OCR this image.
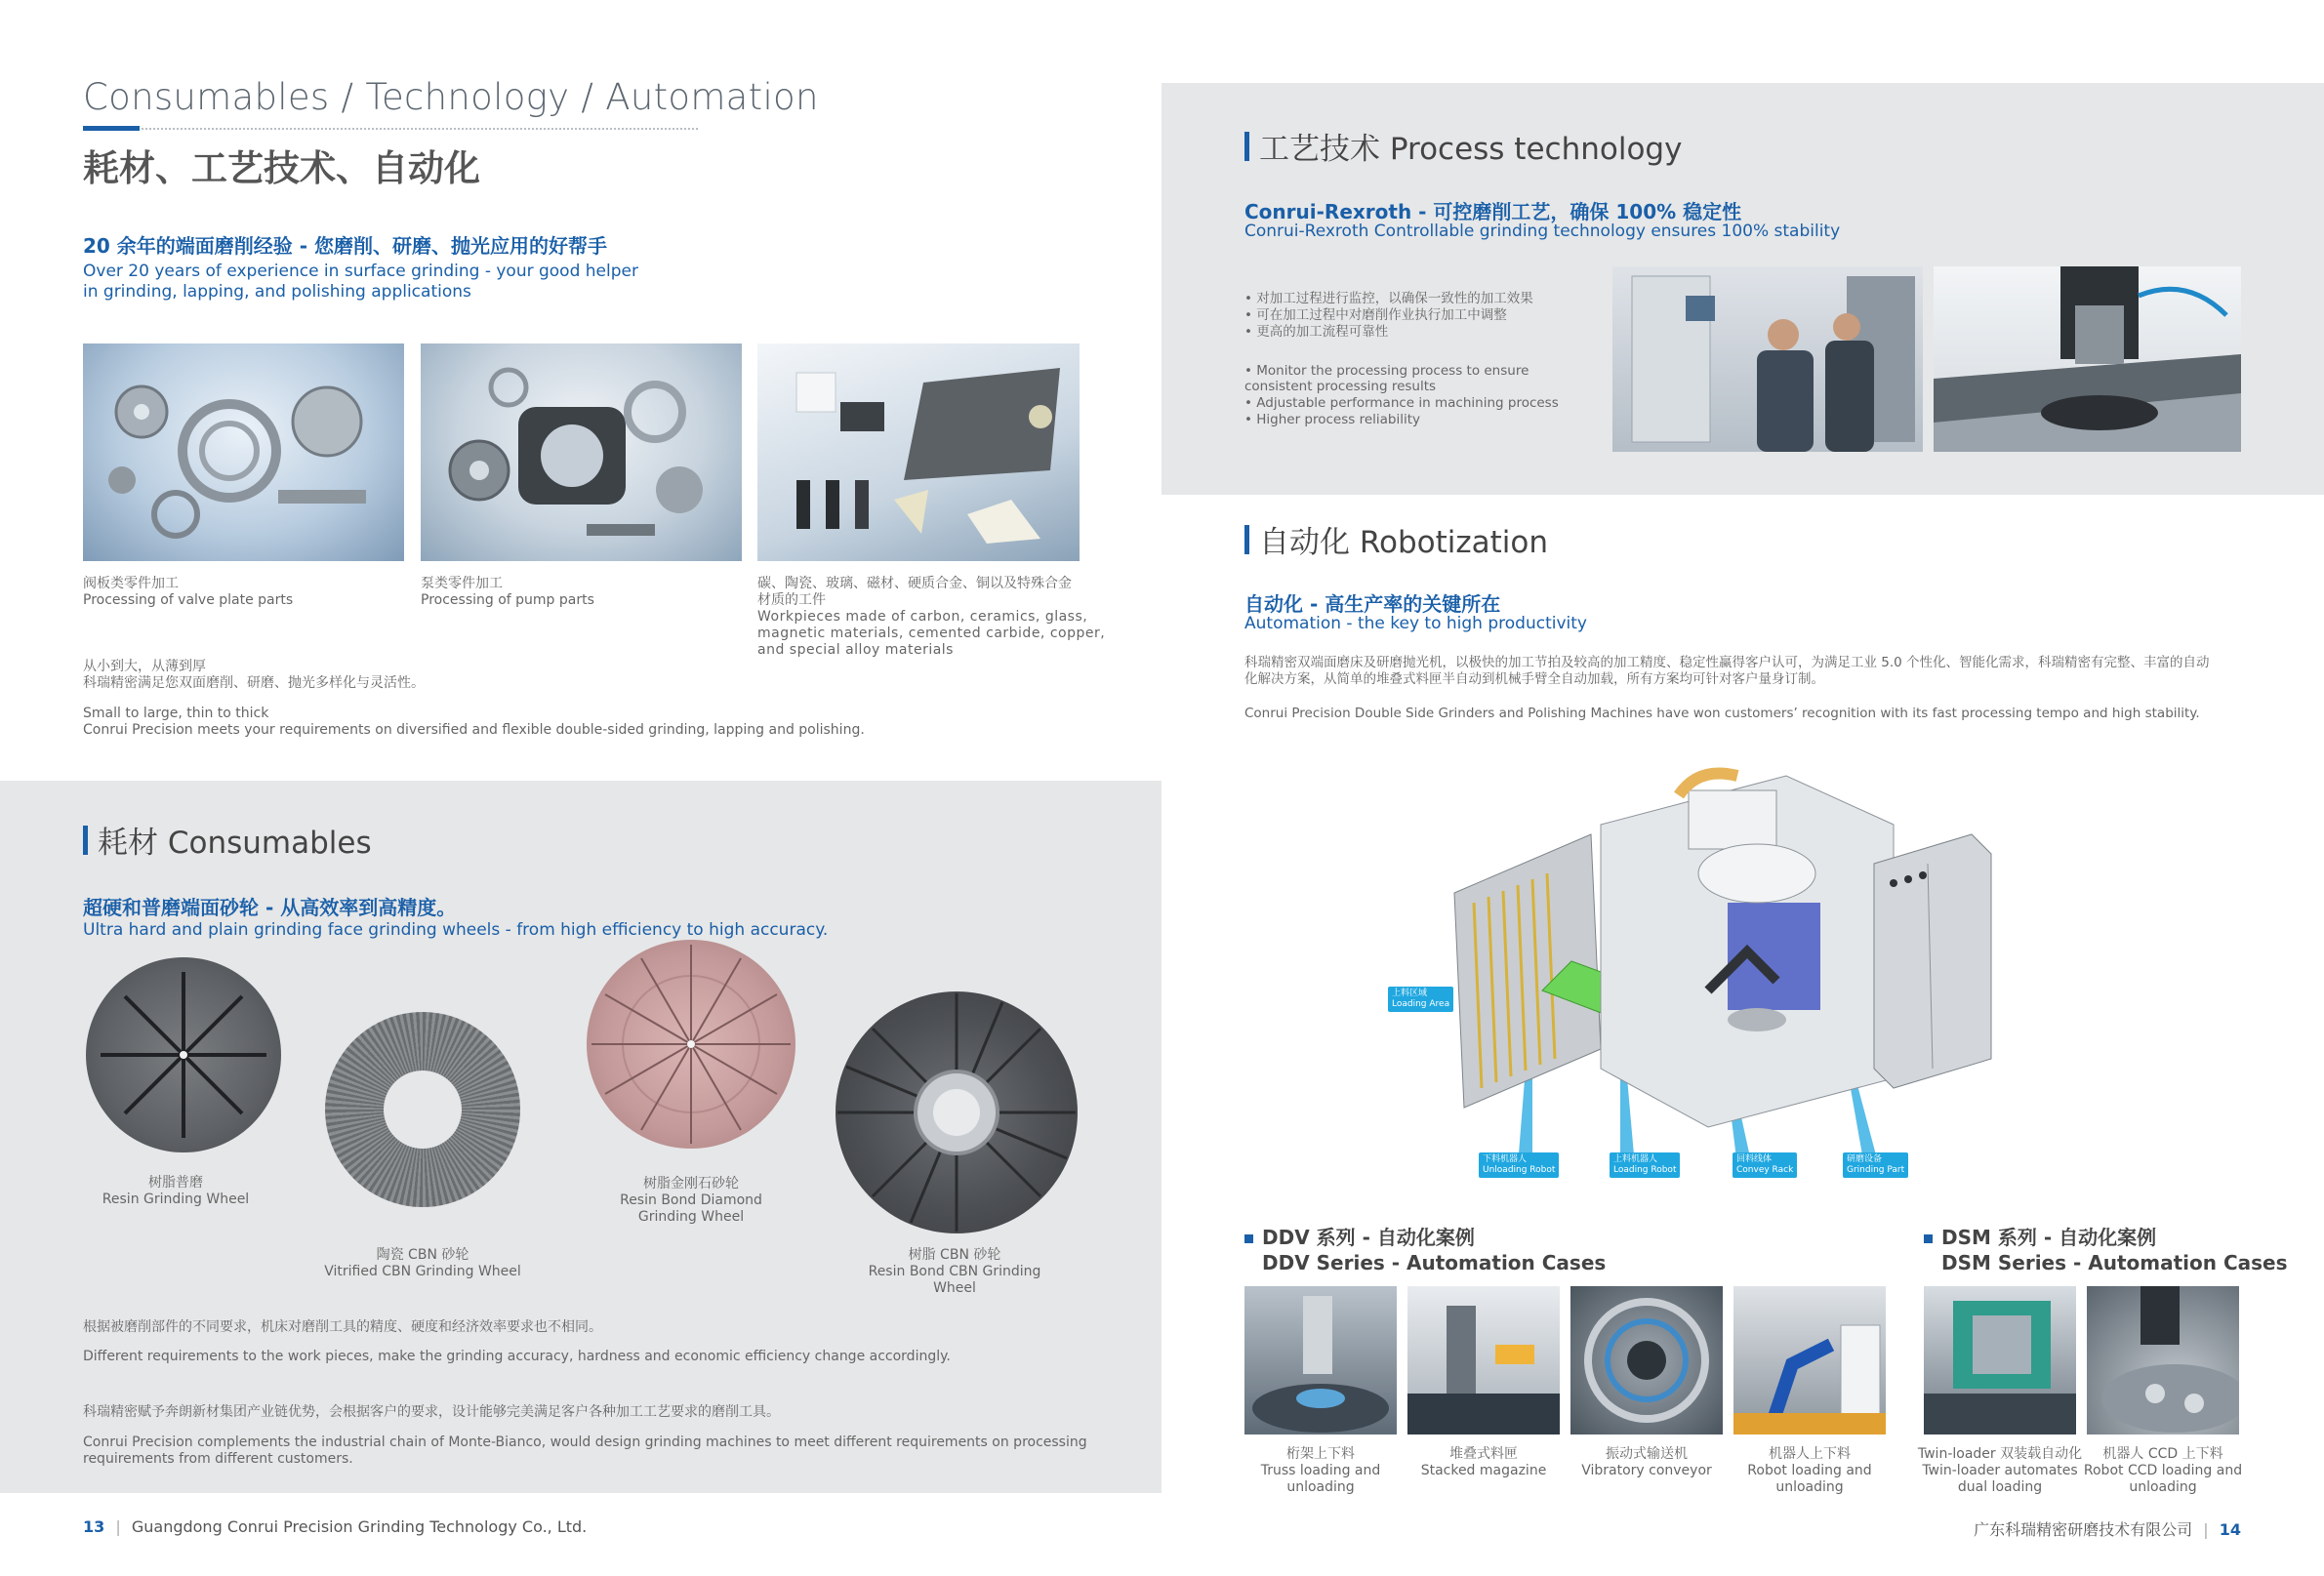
Consumables / Technology / Automation
耗材、工艺技术、自动化
20 余年的端面磨削经验 - 您磨削、研磨、抛光应用的好帮手
Over 20 years of experience in surface grinding - your good helper
in grinding, lapping, and polishing applications
阀板类零件加工
Processing of valve plate parts
泵类零件加工
Processing of pump parts
碳、陶瓷、玻璃、磁材、硬质合金、铜以及特殊合金
材质的工件
Workpieces made of carbon, ceramics, glass,
magnetic materials, cemented carbide, copper,
and special alloy materials
从小到大，从薄到厚
科瑞精密满足您双面磨削、研磨、抛光多样化与灵活性。
Small to large, thin to thick
Conrui Precision meets your requirements on diversified and flexible double-sided grinding, lapping and polishing.
耗材 Consumables
超硬和普磨端面砂轮 - 从高效率到高精度。
Ultra hard and plain grinding face grinding wheels - from high efficiency to high accuracy.
树脂普磨
Resin Grinding Wheel
陶瓷 CBN 砂轮
Vitrified CBN Grinding Wheel
树脂金刚石砂轮
Resin Bond Diamond
Grinding Wheel
树脂 CBN 砂轮
Resin Bond CBN Grinding
Wheel
根据被磨削部件的不同要求，机床对磨削工具的精度、硬度和经济效率要求也不相同。
Different requirements to the work pieces, make the grinding accuracy, hardness and economic efficiency change accordingly.
科瑞精密赋予奔朗新材集团产业链优势，会根据客户的要求，设计能够完美满足客户各种加工工艺要求的磨削工具。
Conrui Precision complements the industrial chain of Monte-Bianco, would design grinding machines to meet different requirements on processing
requirements from different customers.
13 | Guangdong Conrui Precision Grinding Technology Co., Ltd.
工艺技术 Process technology
Conrui-Rexroth - 可控磨削工艺，确保 100% 稳定性
Conrui-Rexroth Controllable grinding technology ensures 100% stability
• 对加工过程进行监控，以确保一致性的加工效果
• 可在加工过程中对磨削作业执行加工中调整
• 更高的加工流程可靠性
• Monitor the processing process to ensure
consistent processing results
• Adjustable performance in machining process
• Higher process reliability
自动化 Robotization
自动化 - 高生产率的关键所在
Automation - the key to high productivity
科瑞精密双端面磨床及研磨抛光机，以极快的加工节拍及较高的加工精度、稳定性赢得客户认可，为满足工业 5.0 个性化、智能化需求，科瑞精密有完整、丰富的自动
化解决方案，从简单的堆叠式料匣半自动到机械手臂全自动加载，所有方案均可针对客户量身订制。
Conrui Precision Double Side Grinders and Polishing Machines have won customers’ recognition with its fast processing tempo and high stability.
上料区域
Loading Area
下料机器人
Unloading Robot
上料机器人
Loading Robot
回料线体
Convey Rack
研磨设备
Grinding Part
DDV 系列 - 自动化案例
DDV Series - Automation Cases
桁架上下料
Truss loading and
unloading
堆叠式料匣
Stacked magazine
振动式输送机
Vibratory conveyor
机器人上下料
Robot loading and
unloading
DSM 系列 - 自动化案例
DSM Series - Automation Cases
Twin-loader 双装载自动化
Twin-loader automates
dual loading
机器人 CCD 上下料
Robot CCD loading and
unloading
广东科瑞精密研磨技术有限公司 | 14
